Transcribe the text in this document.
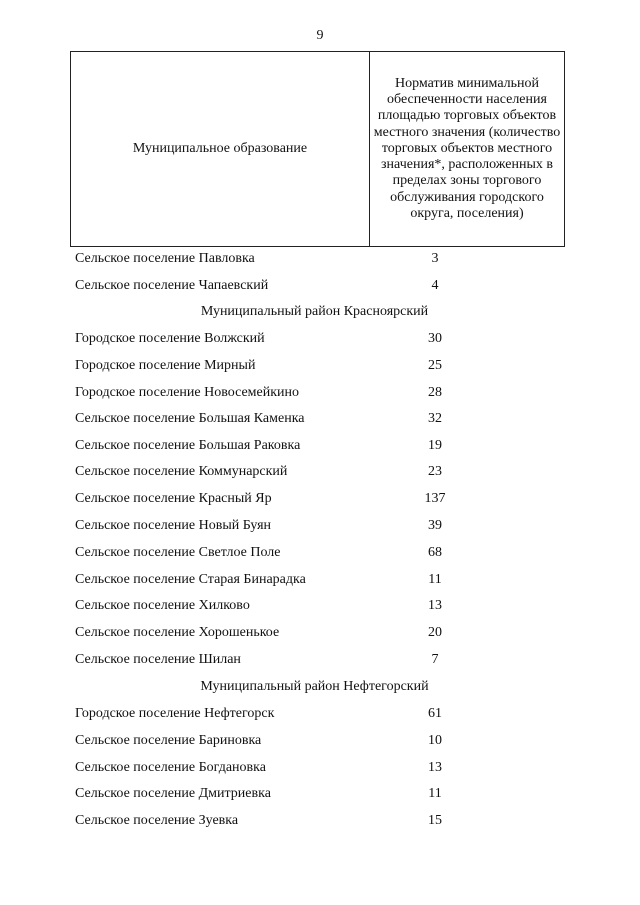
9
Муниципальное образование	Норматив минимальной обеспеченности населения площадью торговых объектов местного значения (количество торговых объектов местного значения*, расположенных в пределах зоны торгового обслуживания городского округа, поселения)
Сельское поселение Павловка	3
Сельское поселение Чапаевский	4
Муниципальный район Красноярский
Городское поселение Волжский	30
Городское поселение Мирный	25
Городское поселение Новосемейкино	28
Сельское поселение Большая Каменка	32
Сельское поселение Большая Раковка	19
Сельское поселение Коммунарский	23
Сельское поселение Красный Яр	137
Сельское поселение Новый Буян	39
Сельское поселение Светлое Поле	68
Сельское поселение Старая Бинарадка	11
Сельское поселение Хилково	13
Сельское поселение Хорошенькое	20
Сельское поселение Шилан	7
Муниципальный район Нефтегорский
Городское поселение Нефтегорск	61
Сельское поселение Бариновка	10
Сельское поселение Богдановка	13
Сельское поселение Дмитриевка	11
Сельское поселение Зуевка	15
